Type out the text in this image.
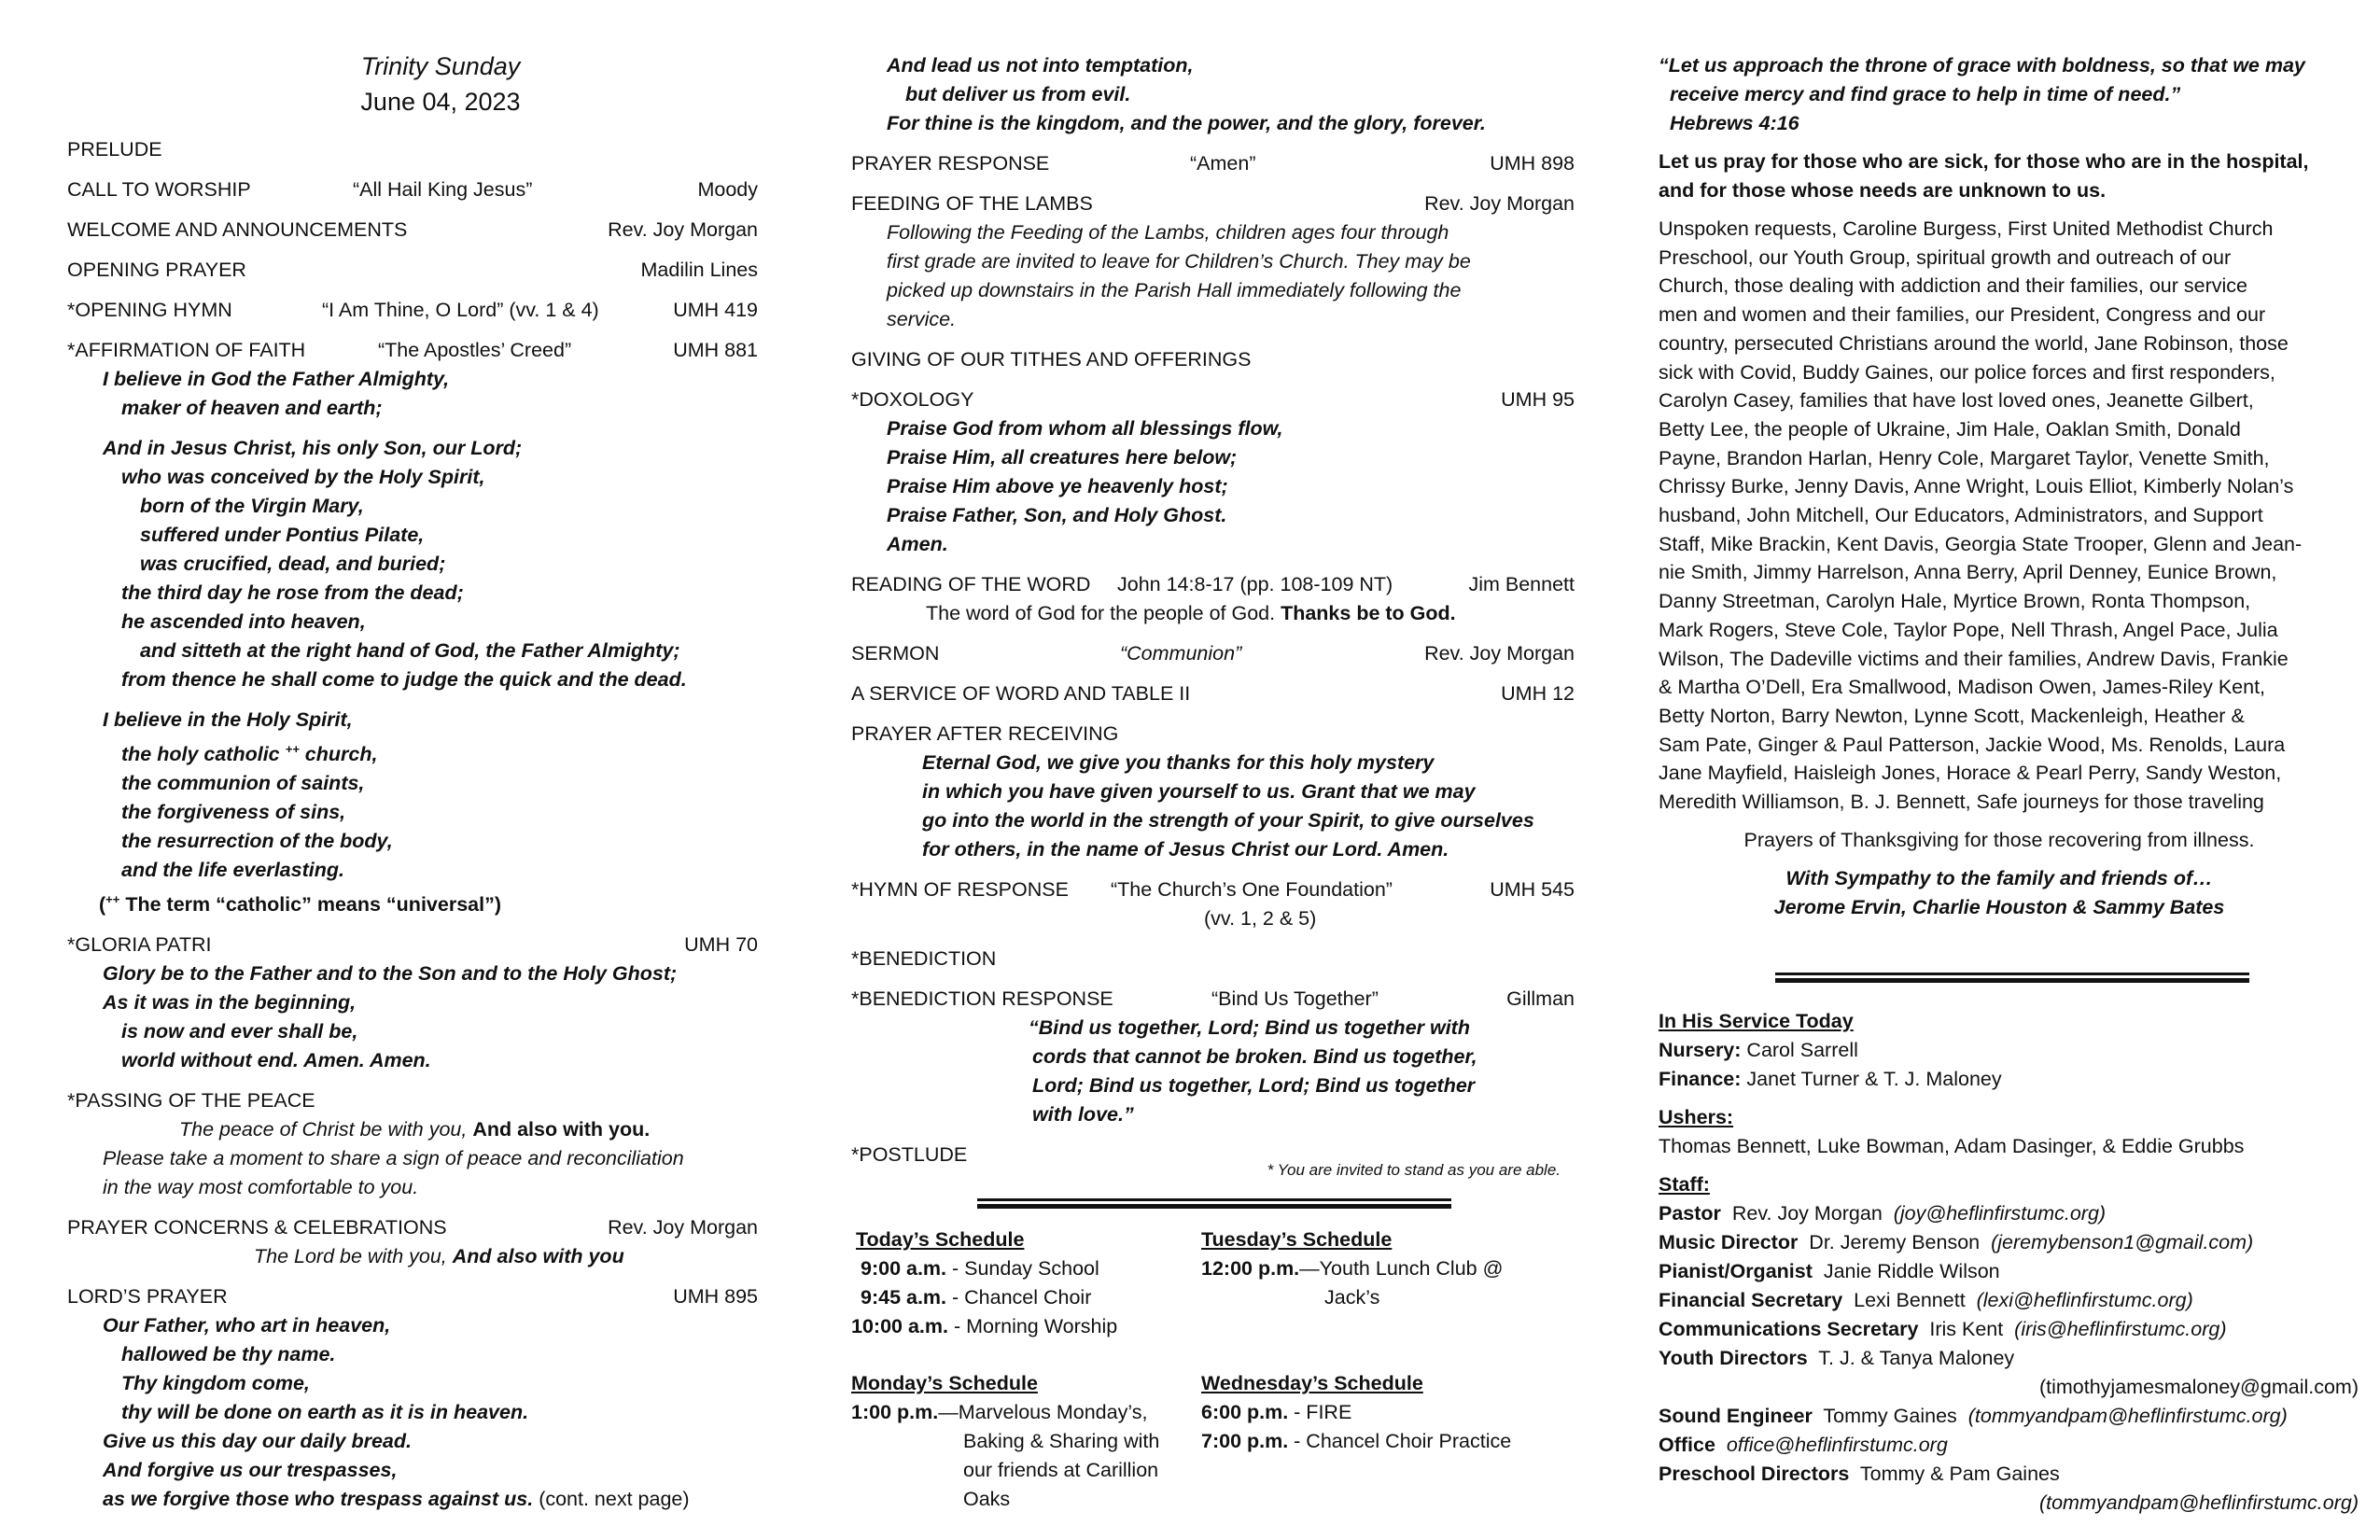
Trinity Sunday
June 04, 2023
PRELUDE
CALL TO WORSHIP	“All Hail King Jesus”	Moody
WELCOME AND ANNOUNCEMENTS	Rev. Joy Morgan
OPENING PRAYER	Madilin Lines
*OPENING HYMN	“I Am Thine, O Lord” (vv. 1 & 4)	UMH 419
*AFFIRMATION OF FAITH	“The Apostles’ Creed”	UMH 881
I believe in God the Father Almighty,
maker of heaven and earth;
And in Jesus Christ, his only Son, our Lord;
who was conceived by the Holy Spirit,
born of the Virgin Mary,
suffered under Pontius Pilate,
was crucified, dead, and buried;
the third day he rose from the dead;
he ascended into heaven,
and sitteth at the right hand of God, the Father Almighty;
from thence he shall come to judge the quick and the dead.
I believe in the Holy Spirit,
the holy catholic ++ church,
the communion of saints,
the forgiveness of sins,
the resurrection of the body,
and the life everlasting.
(++ The term “catholic” means “universal”)
*GLORIA PATRI	UMH 70
Glory be to the Father and to the Son and to the Holy Ghost;
As it was in the beginning,
is now and ever shall be,
world without end. Amen. Amen.
*PASSING OF THE PEACE
The peace of Christ be with you, And also with you.
Please take a moment to share a sign of peace and reconciliation
in the way most comfortable to you.
PRAYER CONCERNS & CELEBRATIONS	Rev. Joy Morgan
The Lord be with you, And also with you
LORD’S PRAYER	UMH 895
Our Father, who art in heaven,
hallowed be thy name.
Thy kingdom come,
thy will be done on earth as it is in heaven.
Give us this day our daily bread.
And forgive us our trespasses,
as we forgive those who trespass against us. (cont. next page)
And lead us not into temptation,
but deliver us from evil.
For thine is the kingdom, and the power, and the glory, forever.
PRAYER RESPONSE	“Amen”	UMH 898
FEEDING OF THE LAMBS	Rev. Joy Morgan
Following the Feeding of the Lambs, children ages four through
first grade are invited to leave for Children’s Church. They may be
picked up downstairs in the Parish Hall immediately following the
service.
GIVING OF OUR TITHES AND OFFERINGS
*DOXOLOGY	UMH 95
Praise God from whom all blessings flow,
Praise Him, all creatures here below;
Praise Him above ye heavenly host;
Praise Father, Son, and Holy Ghost.
Amen.
READING OF THE WORD John 14:8-17 (pp. 108-109 NT)	Jim Bennett
The word of God for the people of God. Thanks be to God.
SERMON	“Communion”	Rev. Joy Morgan
A SERVICE OF WORD AND TABLE II	UMH 12
PRAYER AFTER RECEIVING
Eternal God, we give you thanks for this holy mystery
in which you have given yourself to us. Grant that we may
go into the world in the strength of your Spirit, to give ourselves
for others, in the name of Jesus Christ our Lord. Amen.
*HYMN OF RESPONSE “The Church’s One Foundation”	UMH 545
(vv. 1, 2 & 5)
*BENEDICTION
*BENEDICTION RESPONSE	“Bind Us Together”	Gillman
“Bind us together, Lord; Bind us together with
cords that cannot be broken. Bind us together,
Lord; Bind us together, Lord; Bind us together
with love.”
*POSTLUDE
* You are invited to stand as you are able.
Today’s Schedule
9:00 a.m. - Sunday School
9:45 a.m. - Chancel Choir
10:00 a.m. - Morning Worship
Tuesday’s Schedule
12:00 p.m.—Youth Lunch Club @
Jack’s
Monday’s Schedule
1:00 p.m.—Marvelous Monday’s,
Baking & Sharing with
our friends at Carillion
Oaks
Wednesday’s Schedule
6:00 p.m. - FIRE
7:00 p.m. - Chancel Choir Practice
“Let us approach the throne of grace with boldness, so that we may
receive mercy and find grace to help in time of need.”
Hebrews 4:16
Let us pray for those who are sick, for those who are in the hospital,
and for those whose needs are unknown to us.
Unspoken requests, Caroline Burgess, First United Methodist Church
Preschool, our Youth Group, spiritual growth and outreach of our
Church, those dealing with addiction and their families, our service
men and women and their families, our President, Congress and our
country, persecuted Christians around the world, Jane Robinson, those
sick with Covid, Buddy Gaines, our police forces and first responders,
Carolyn Casey, families that have lost loved ones, Jeanette Gilbert,
Betty Lee, the people of Ukraine, Jim Hale, Oaklan Smith, Donald
Payne, Brandon Harlan, Henry Cole, Margaret Taylor, Venette Smith,
Chrissy Burke, Jenny Davis, Anne Wright, Louis Elliot, Kimberly Nolan’s
husband, John Mitchell, Our Educators, Administrators, and Support
Staff, Mike Brackin, Kent Davis, Georgia State Trooper, Glenn and Jean-
nie Smith, Jimmy Harrelson, Anna Berry, April Denney, Eunice Brown,
Danny Streetman, Carolyn Hale, Myrtice Brown, Ronta Thompson,
Mark Rogers, Steve Cole, Taylor Pope, Nell Thrash, Angel Pace, Julia
Wilson, The Dadeville victims and their families, Andrew Davis, Frankie
& Martha O’Dell, Era Smallwood, Madison Owen, James-Riley Kent,
Betty Norton, Barry Newton, Lynne Scott, Mackenleigh, Heather &
Sam Pate, Ginger & Paul Patterson, Jackie Wood, Ms. Renolds, Laura
Jane Mayfield, Haisleigh Jones, Horace & Pearl Perry, Sandy Weston,
Meredith Williamson, B. J. Bennett, Safe journeys for those traveling
Prayers of Thanksgiving for those recovering from illness.
With Sympathy to the family and friends of…
Jerome Ervin, Charlie Houston & Sammy Bates
In His Service Today
Nursery: Carol Sarrell
Finance: Janet Turner & T. J. Maloney
Ushers:
Thomas Bennett, Luke Bowman, Adam Dasinger, & Eddie Grubbs
Staff:
Pastor  Rev. Joy Morgan  (joy@heflinfirstumc.org)
Music Director  Dr. Jeremy Benson  (jeremybenson1@gmail.com)
Pianist/Organist  Janie Riddle Wilson
Financial Secretary  Lexi Bennett  (lexi@heflinfirstumc.org)
Communications Secretary  Iris Kent  (iris@heflinfirstumc.org)
Youth Directors  T. J. & Tanya Maloney
(timothyjamesmaloney@gmail.com)
Sound Engineer  Tommy Gaines  (tommyandpam@heflinfirstumc.org)
Office  office@heflinfirstumc.org
Preschool Directors  Tommy & Pam Gaines
(tommyandpam@heflinfirstumc.org)
